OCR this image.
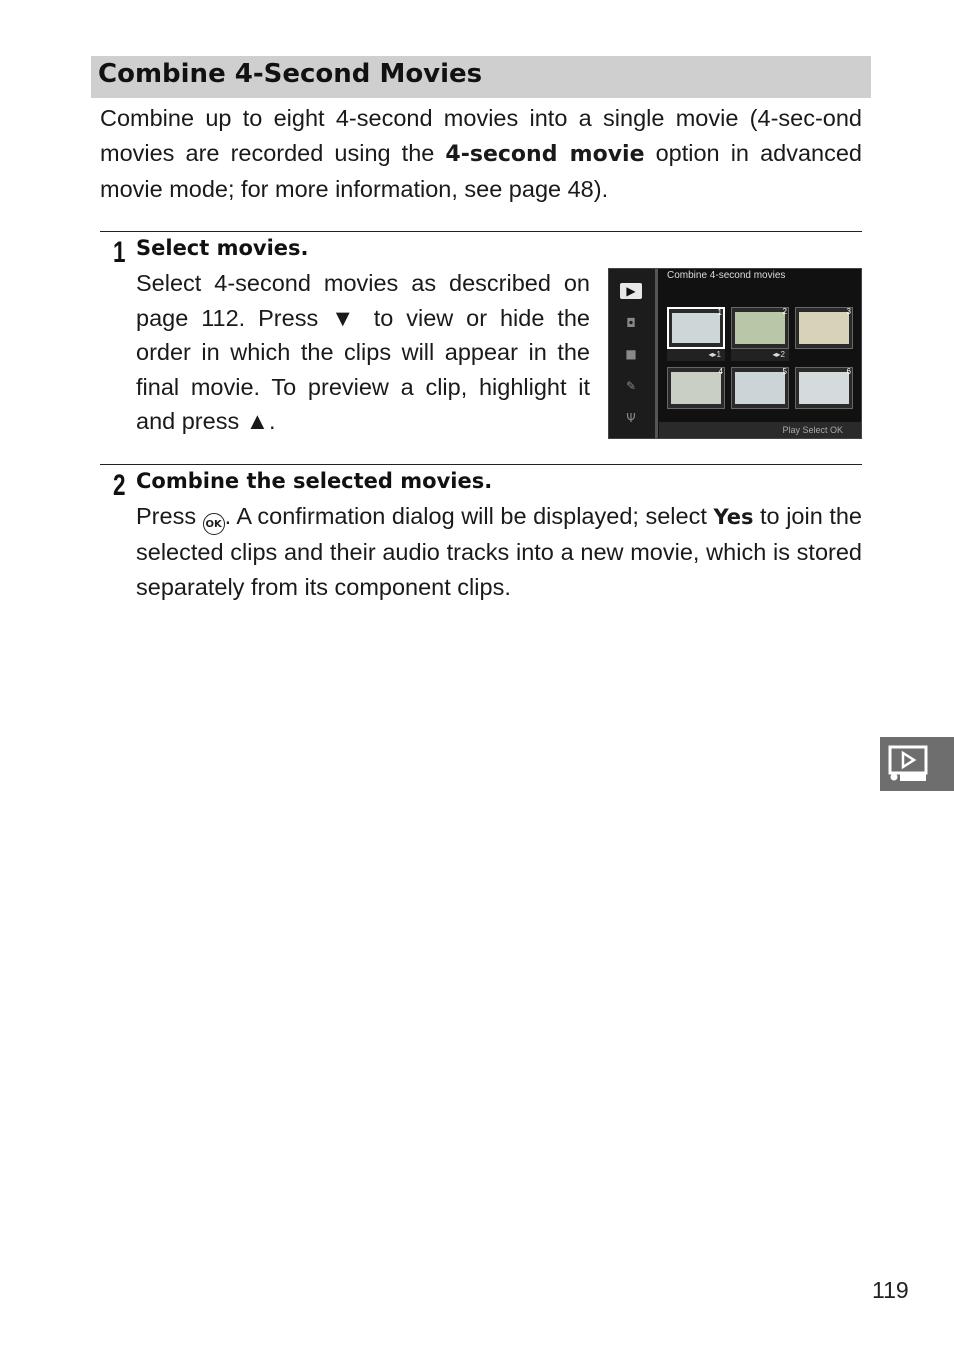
Combine 4-Second Movies

Combine up to eight 4-second movies into a single movie (4-sec-ond movies are recorded using the 4-second movie option in advanced movie mode; for more information, see page 48).

1 Select movies.

Select 4-second movies as described on page 112. Press ▼ to view or hide the order in which the clips will appear in the final movie. To preview a clip, highlight it and press ▲.

▶
◘
■
✎
Ψ
Combine 4-second movies
1	2	3
◂▸1	◂▸2
4	5	6
Play Select OK
2 Combine the selected movies.

Press OK . A confirmation dialog will be displayed; select Yes to join the selected clips and their audio tracks into a new movie, which is stored separately from its component clips.

119
